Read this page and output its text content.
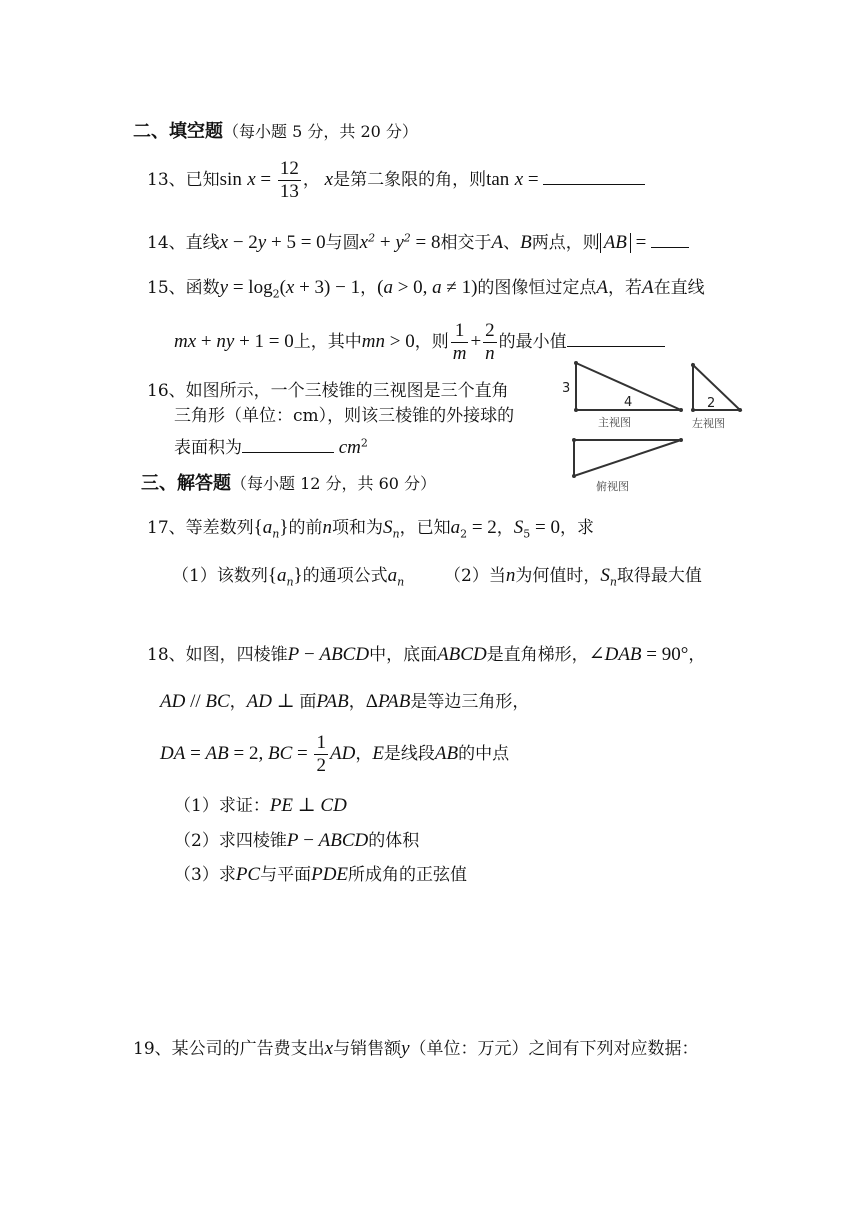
二、填空题（每小题 5 分，共 20 分）
13、已知$\sin x = \frac{12}{13}$ ， x是第二象限的角，则tan x =
14、直线x − 2y + 5 = 0与圆$x^2 + y^2 = 8$相交于A、B两点，则 AB =
15、函数$y = \log_2(x + 3) - 1$，(a > 0, a ≠ 1)的图像恒过定点A，若A在直线
mx + ny + 1 = 0上，其中mn > 0，则 $\frac{1}{m} + \frac{2}{n}$ 的最小值
16、如图所示，一个三棱锥的三视图是三个直角
三角形（单位：cm），则该三棱锥的外接球的
表面积为	$cm^2$
3
4
主视图
2
左视图
俯视图
三、解答题（每小题 12 分，共 60 分）
17、等差数列$\{a_n\}$的前n项和为$S_n$，已知$a_2 = 2$，$S_5 = 0$，求
（1）该数列$\{a_n\}$的通项公式$a_n$ （2）当n为何值时，$S_n$取得最大值
18、如图，四棱锥P − ABCD中，底面ABCD是直角梯形，∠DAB = 90°，
AD // BC，AD ⊥ 面PAB，ΔPAB是等边三角形，
DA = AB = 2, BC = $\frac{1}{2}$ AD，E是线段AB的中点
（1）求证：PE ⊥ CD
（2）求四棱锥P − ABCD的体积
（3）求PC与平面PDE所成角的正弦值
19、某公司的广告费支出x与销售额y（单位：万元）之间有下列对应数据：
